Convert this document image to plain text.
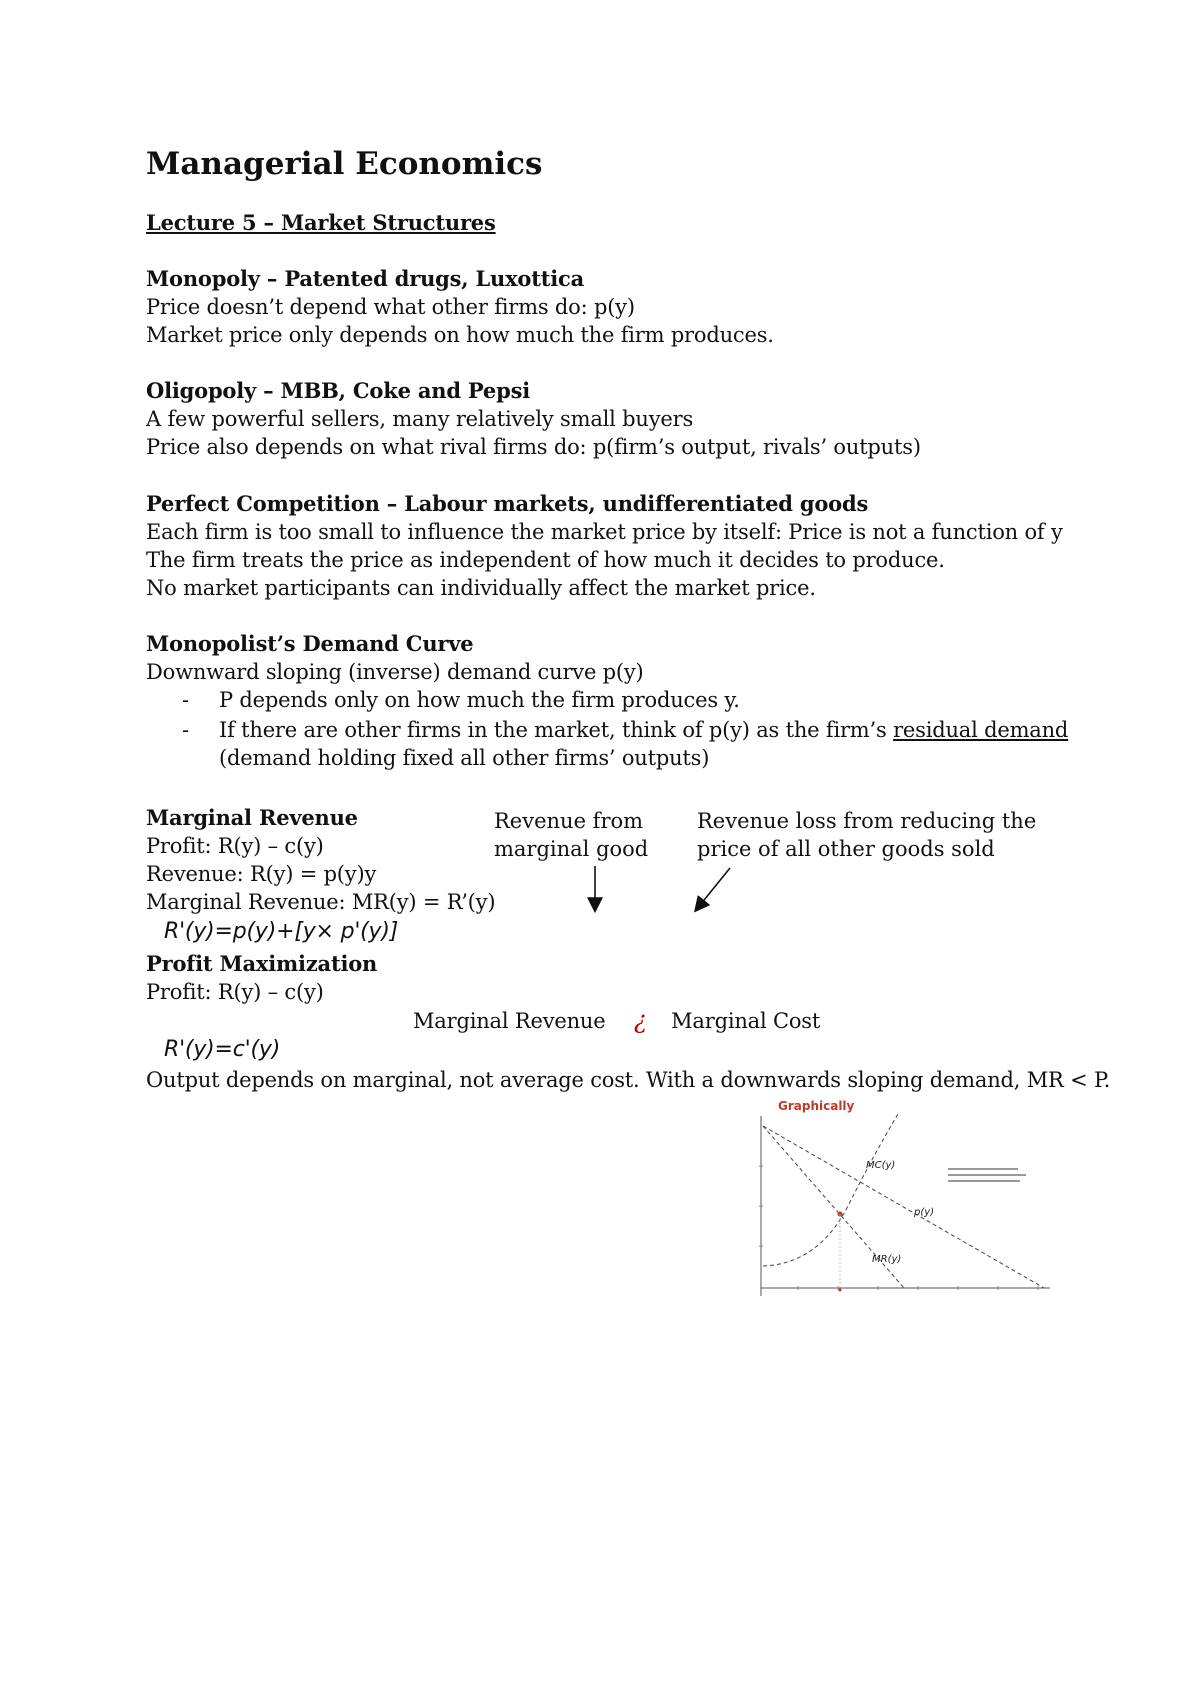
Managerial Economics
Lecture 5 – Market Structures
Monopoly – Patented drugs, Luxottica
Price doesn’t depend what other firms do: p(y)
Market price only depends on how much the firm produces.
Oligopoly – MBB, Coke and Pepsi
A few powerful sellers, many relatively small buyers
Price also depends on what rival firms do: p(firm’s output, rivals’ outputs)
Perfect Competition – Labour markets, undifferentiated goods
Each firm is too small to influence the market price by itself: Price is not a function of y
The firm treats the price as independent of how much it decides to produce.
No market participants can individually affect the market price.
Monopolist’s Demand Curve
Downward sloping (inverse) demand curve p(y)
- P depends only on how much the firm produces y.
- If there are other firms in the market, think of p(y) as the firm’s residual demand
(demand holding fixed all other firms’ outputs)
Marginal Revenue
Profit: R(y) – c(y)
Revenue: R(y) = p(y)y
Marginal Revenue: MR(y) = R’(y)
R'(y)=p(y)+[y× p'(y)]
Revenue from
marginal good
Revenue loss from reducing the
price of all other goods sold
Profit Maximization
Profit: R(y) – c(y)
Marginal Revenue ¿ Marginal Cost
R'(y)=c'(y)
Output depends on marginal, not average cost. With a downwards sloping demand, MR < P.
Graphically
MC(y)
p(y)
MR(y)
